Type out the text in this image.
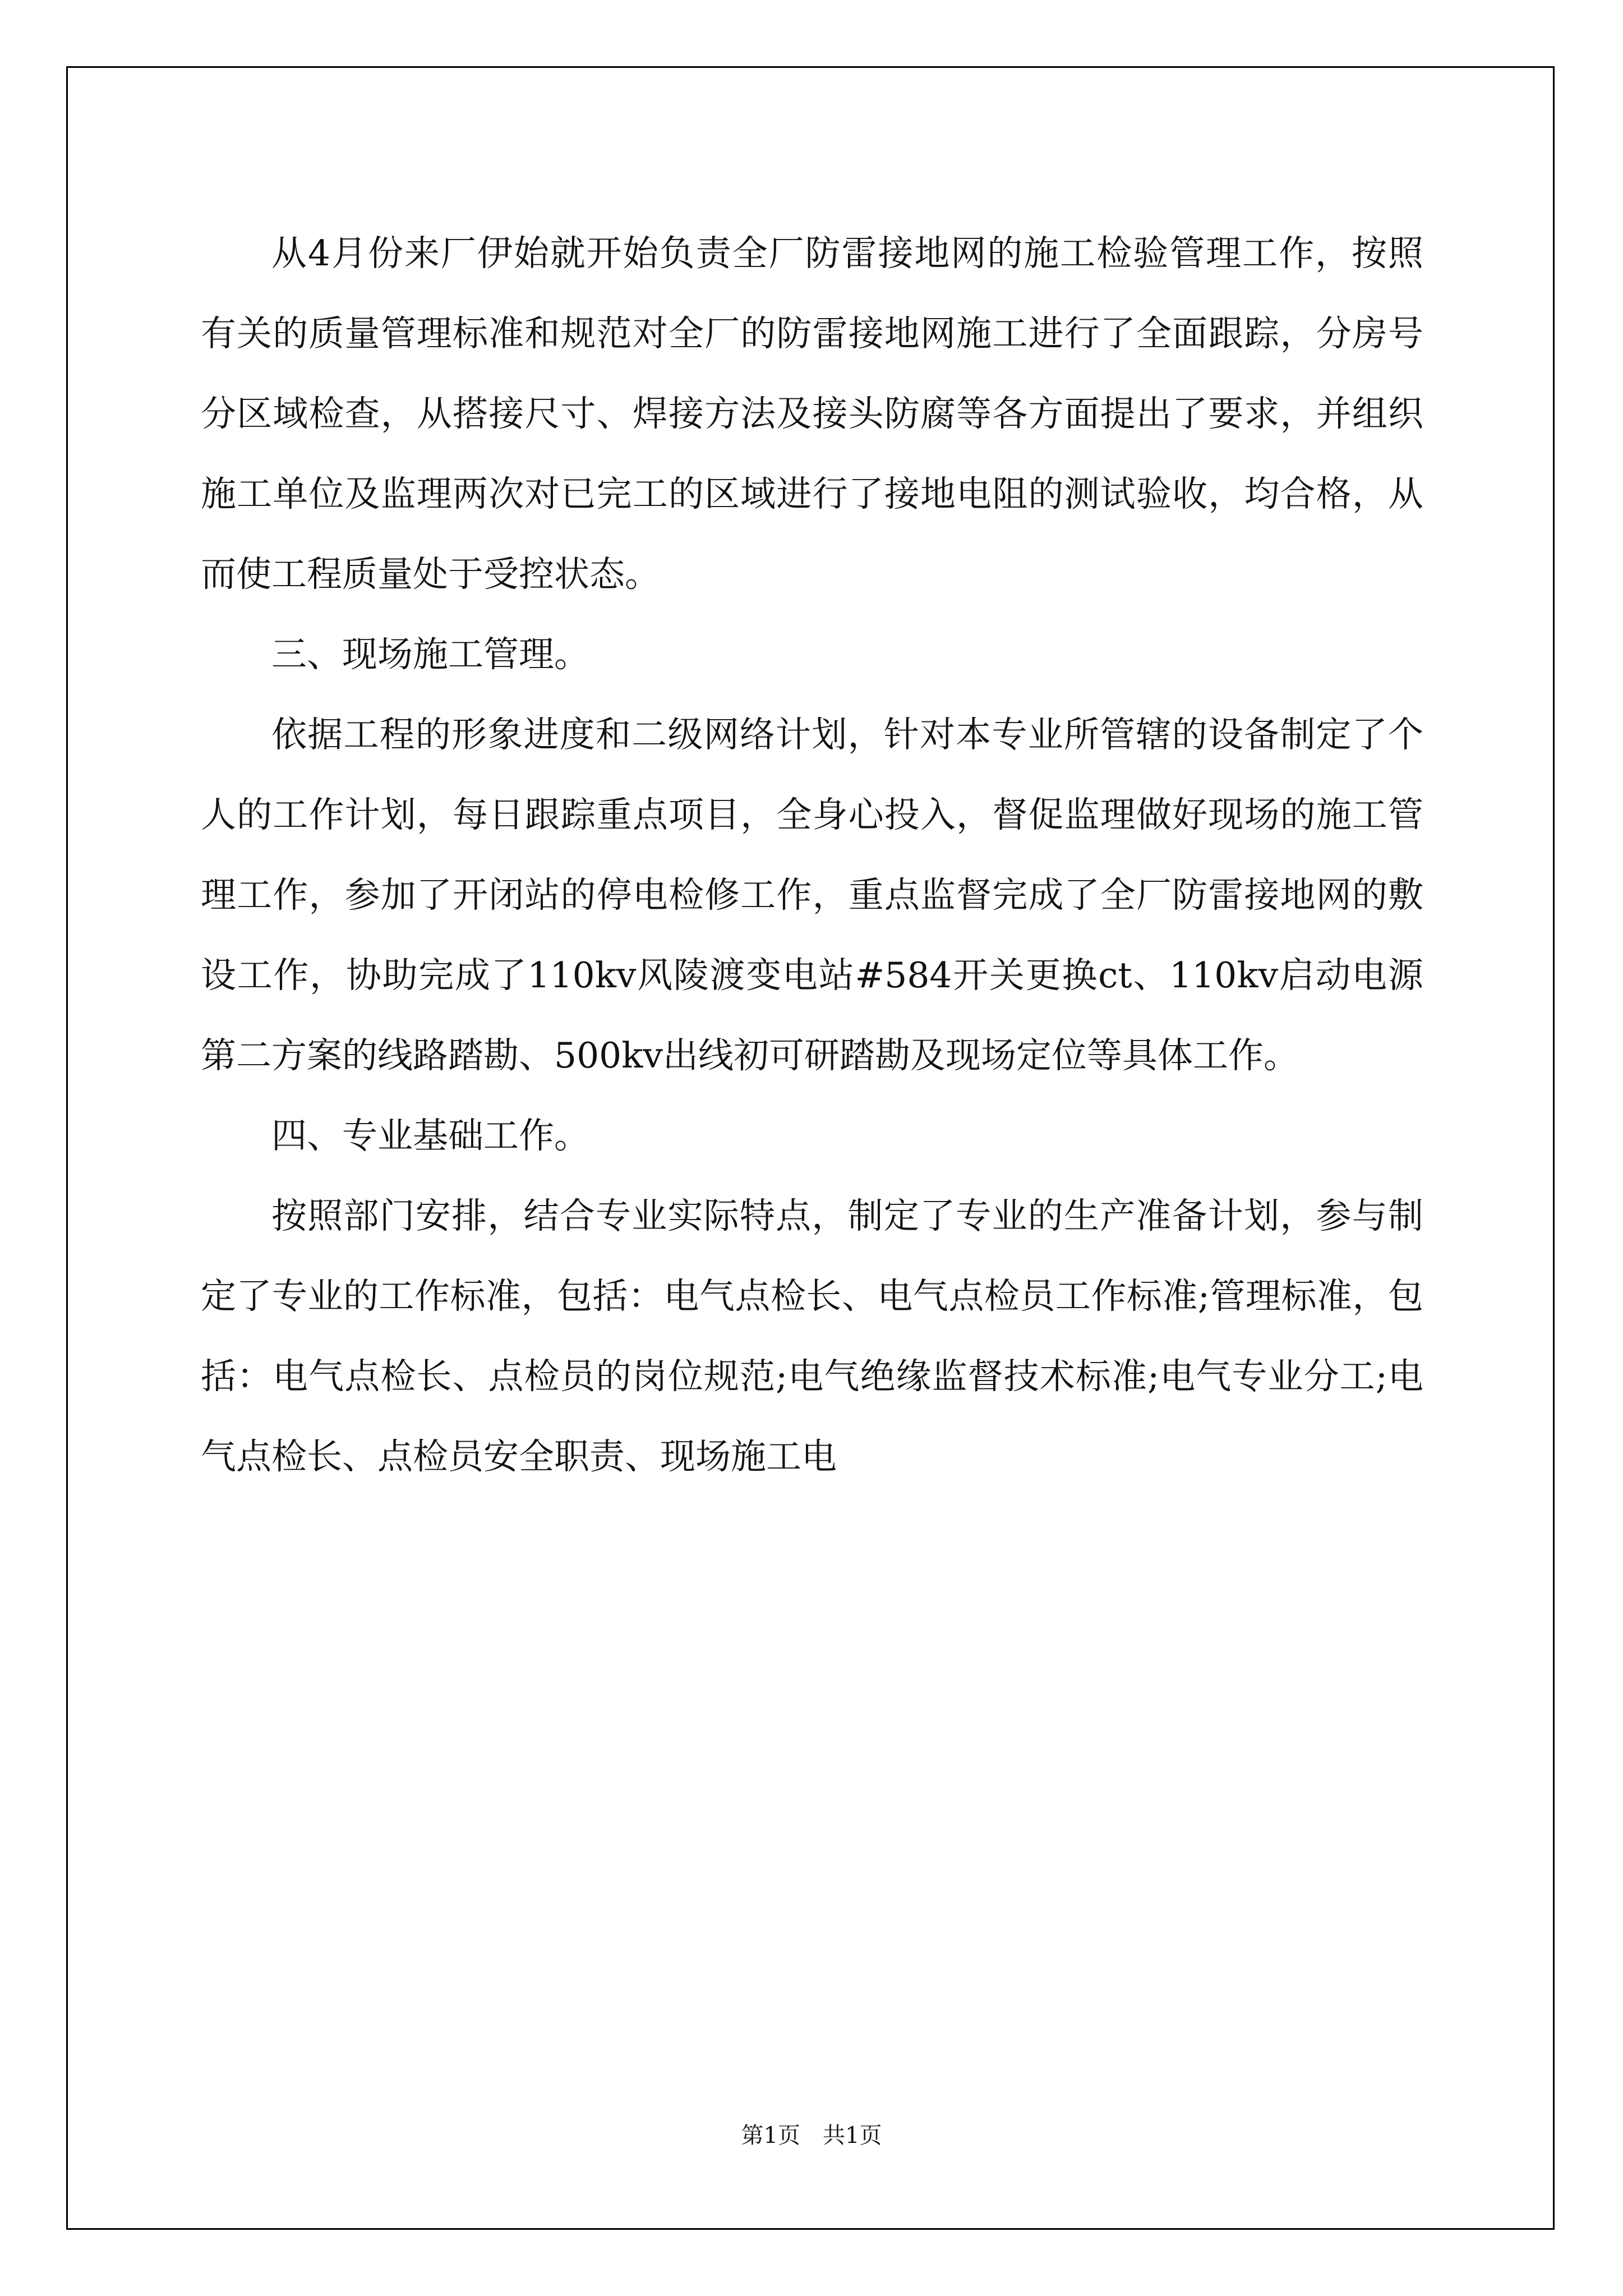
从4月份来厂伊始就开始负责全厂防雷接地网的施工检验管理工作，按照有关的质量管理标准和规范对全厂的防雷接地网施工进行了全面跟踪，分房号分区域检查，从搭接尺寸、焊接方法及接头防腐等各方面提出了要求，并组织施工单位及监理两次对已完工的区域进行了接地电阻的测试验收，均合格，从而使工程质量处于受控状态。

三、现场施工管理。

依据工程的形象进度和二级网络计划，针对本专业所管辖的设备制定了个人的工作计划，每日跟踪重点项目，全身心投入，督促监理做好现场的施工管理工作，参加了开闭站的停电检修工作，重点监督完成了全厂防雷接地网的敷设工作，协助完成了110kv风陵渡变电站#584开关更换ct、110kv启动电源第二方案的线路踏勘、500kv出线初可研踏勘及现场定位等具体工作。

四、专业基础工作。

按照部门安排，结合专业实际特点，制定了专业的生产准备计划，参与制定了专业的工作标准，包括：电气点检长、电气点检员工作标准;管理标准，包括：电气点检长、点检员的岗位规范;电气绝缘监督技术标准;电气专业分工;电气点检长、点检员安全职责、现场施工电

第1页 共1页
